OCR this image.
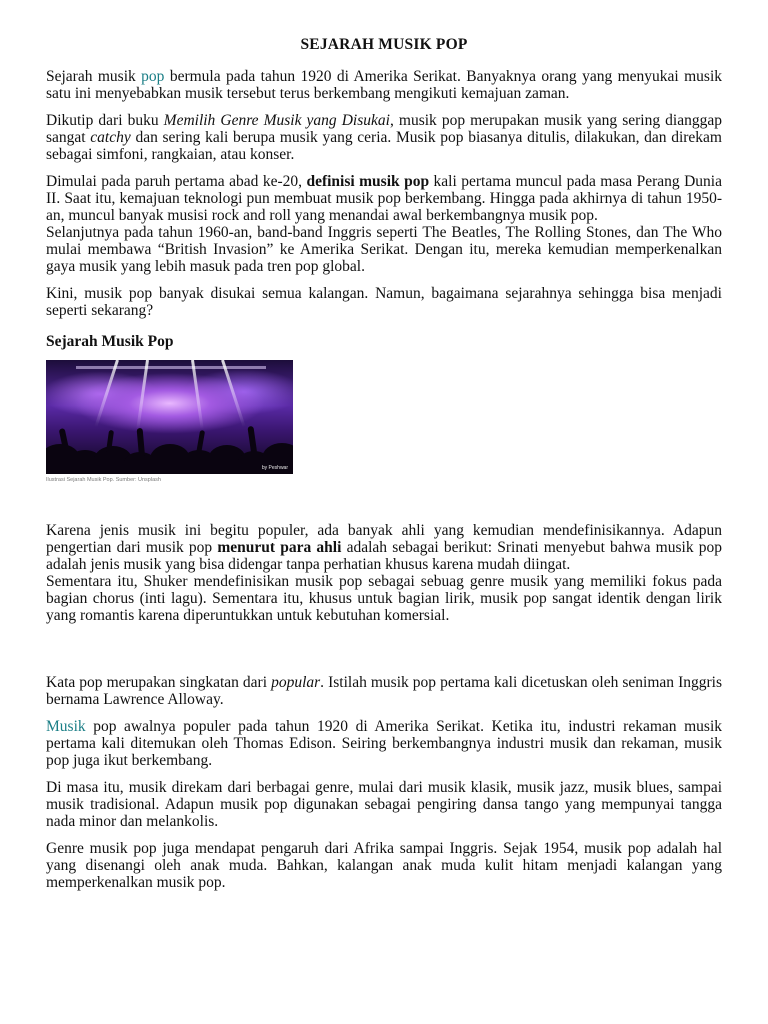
SEJARAH MUSIK POP

Sejarah musik pop bermula pada tahun 1920 di Amerika Serikat. Banyaknya orang yang menyukai musik satu ini menyebabkan musik tersebut terus berkembang mengikuti kemajuan zaman.

Dikutip dari buku Memilih Genre Musik yang Disukai, musik pop merupakan musik yang sering dianggap sangat catchy dan sering kali berupa musik yang ceria. Musik pop biasanya ditulis, dilakukan, dan direkam sebagai simfoni, rangkaian, atau konser.

Dimulai pada paruh pertama abad ke-20, definisi musik pop kali pertama muncul pada masa Perang Dunia II. Saat itu, kemajuan teknologi pun membuat musik pop berkembang. Hingga pada akhirnya di tahun 1950-an, muncul banyak musisi rock and roll yang menandai awal berkembangnya musik pop.

Selanjutnya pada tahun 1960-an, band-band Inggris seperti The Beatles, The Rolling Stones, dan The Who mulai membawa “British Invasion” ke Amerika Serikat. Dengan itu, mereka kemudian memperkenalkan gaya musik yang lebih masuk pada tren pop global.

Kini, musik pop banyak disukai semua kalangan. Namun, bagaimana sejarahnya sehingga bisa menjadi seperti sekarang?

Sejarah Musik Pop
by Peshwar
Ilustrasi Sejarah Musik Pop. Sumber: Unsplash

Karena jenis musik ini begitu populer, ada banyak ahli yang kemudian mendefinisikannya. Adapun pengertian dari musik pop menurut para ahli adalah sebagai berikut: Srinati menyebut bahwa musik pop adalah jenis musik yang bisa didengar tanpa perhatian khusus karena mudah diingat.

Sementara itu, Shuker mendefinisikan musik pop sebagai sebuag genre musik yang memiliki fokus pada bagian chorus (inti lagu). Sementara itu, khusus untuk bagian lirik, musik pop sangat identik dengan lirik yang romantis karena diperuntukkan untuk kebutuhan komersial.

Kata pop merupakan singkatan dari popular. Istilah musik pop pertama kali dicetuskan oleh seniman Inggris bernama Lawrence Alloway.

Musik pop awalnya populer pada tahun 1920 di Amerika Serikat. Ketika itu, industri rekaman musik pertama kali ditemukan oleh Thomas Edison. Seiring berkembangnya industri musik dan rekaman, musik pop juga ikut berkembang.

Di masa itu, musik direkam dari berbagai genre, mulai dari musik klasik, musik jazz, musik blues, sampai musik tradisional. Adapun musik pop digunakan sebagai pengiring dansa tango yang mempunyai tangga nada minor dan melankolis.

Genre musik pop juga mendapat pengaruh dari Afrika sampai Inggris. Sejak 1954, musik pop adalah hal yang disenangi oleh anak muda. Bahkan, kalangan anak muda kulit hitam menjadi kalangan yang memperkenalkan musik pop.
